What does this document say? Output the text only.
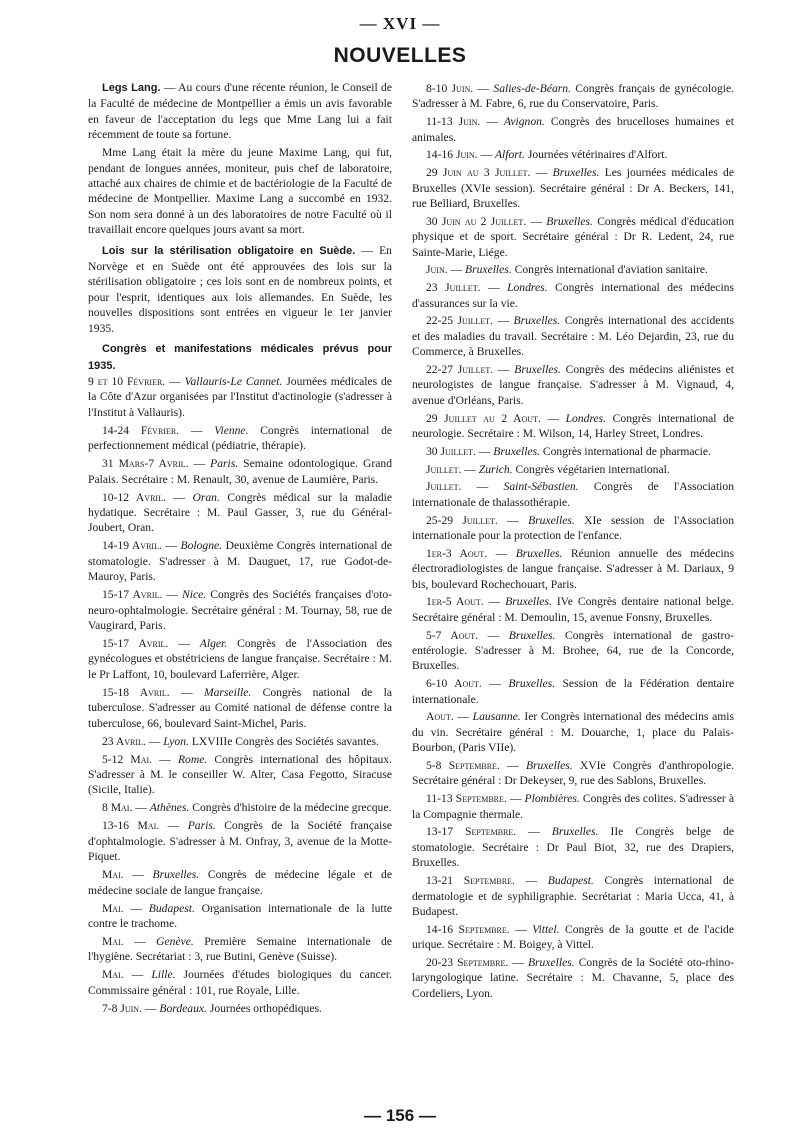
— XVI —
NOUVELLES

Legs Lang. — Au cours d'une récente réunion, le Conseil de la Faculté de médecine de Montpellier a émis un avis favorable en faveur de l'acceptation du legs que Mme Lang lui a fait récemment de toute sa fortune.

Mme Lang était la mère du jeune Maxime Lang, qui fut, pendant de longues années, moniteur, puis chef de laboratoire, attaché aux chaires de chimie et de bactériologie de la Faculté de médecine de Montpellier. Maxime Lang a succombé en 1932. Son nom sera donné à un des laboratoires de notre Faculté où il travaillait encore quelques jours avant sa mort.

Lois sur la stérilisation obligatoire en Suède. — En Norvège et en Suède ont été approuvées des lois sur la stérilisation obligatoire ; ces lois sont en de nombreux points, et pour l'esprit, identiques aux lois allemandes. En Suède, les nouvelles dispositions sont entrées en vigueur le 1er janvier 1935.

Congrès et manifestations médicales prévus pour 1935.

9 et 10 Février. — Vallauris-Le Cannet. Journées médicales de la Côte d'Azur organisées par l'Institut d'actinologie (s'adresser à l'Institut à Vallauris).

14-24 Février. — Vienne. Congrès international de perfectionnement médical (pédiatrie, thérapie).

31 Mars-7 Avril. — Paris. Semaine odontologique. Grand Palais. Secrétaire : M. Renault, 30, avenue de Laumière, Paris.

10-12 Avril. — Oran. Congrès médical sur la maladie hydatique. Secrétaire : M. Paul Gasser, 3, rue du Général-Joubert, Oran.

14-19 Avril. — Bologne. Deuxième Congrès international de stomatologie. S'adresser à M. Dauguet, 17, rue Godot-de-Mauroy, Paris.

15-17 Avril. — Nice. Congrès des Sociétés françaises d'oto-neuro-ophtalmologie. Secrétaire général : M. Tournay, 58, rue de Vaugirard, Paris.

15-17 Avril. — Alger. Congrès de l'Association des gynécologues et obstétriciens de langue française. Secrétaire : M. le Pr Laffont, 10, boulevard Laferrière, Alger.

15-18 Avril. — Marseille. Congrès national de la tuberculose. S'adresser au Comité national de défense contre la tuberculose, 66, boulevard Saint-Michel, Paris.

23 Avril. — Lyon. LXVIIIe Congrès des Sociétés savantes.

5-12 Mai. — Rome. Congrès international des hôpitaux. S'adresser à M. le conseiller W. Alter, Casa Fegotto, Siracuse (Sicile, Italie).

8 Mai. — Athènes. Congrès d'histoire de la médecine grecque.

13-16 Mai. — Paris. Congrès de la Société française d'ophtalmologie. S'adresser à M. Onfray, 3, avenue de la Motte-Piquet.

Mai. — Bruxelles. Congrès de médecine légale et de médecine sociale de langue française.

Mai. — Budapest. Organisation internationale de la lutte contre le trachome.

Mai. — Genève. Première Semaine internationale de l'hygiène. Secrétariat : 3, rue Butini, Genève (Suisse).

Mai. — Lille. Journées d'études biologiques du cancer. Commissaire général : 101, rue Royale, Lille.

7-8 Juin. — Bordeaux. Journées orthopédiques.

8-10 Juin. — Salies-de-Béarn. Congrès français de gynécologie. S'adresser à M. Fabre, 6, rue du Conservatoire, Paris.

11-13 Juin. — Avignon. Congrès des brucelloses humaines et animales.

14-16 Juin. — Alfort. Journées vétérinaires d'Alfort.

29 Juin au 3 Juillet. — Bruxelles. Les journées médicales de Bruxelles (XVIe session). Secrétaire général : Dr A. Beckers, 141, rue Belliard, Bruxelles.

30 Juin au 2 Juillet. — Bruxelles. Congrès médical d'éducation physique et de sport. Secrétaire général : Dr R. Ledent, 24, rue Sainte-Marie, Liége.

Juin. — Bruxelles. Congrès international d'aviation sanitaire.

23 Juillet. — Londres. Congrès international des médecins d'assurances sur la vie.

22-25 Juillet. — Bruxelles. Congrès international des accidents et des maladies du travail. Secrétaire : M. Léo Dejardin, 23, rue du Commerce, à Bruxelles.

22-27 Juillet. — Bruxelles. Congrès des médecins aliénistes et neurologistes de langue française. S'adresser à M. Vignaud, 4, avenue d'Orléans, Paris.

29 Juillet au 2 Aout. — Londres. Congrès international de neurologie. Secrétaire : M. Wilson, 14, Harley Street, Londres.

30 Juillet. — Bruxelles. Congrès international de pharmacie.

Juillet. — Zurich. Congrès végétarien international.

Juillet. — Saint-Sébastien. Congrès de l'Association internationale de thalassothérapie.

25-29 Juillet. — Bruxelles. XIe session de l'Association internationale pour la protection de l'enfance.

1er-3 Aout. — Bruxelles. Réunion annuelle des médecins électroradiologistes de langue française. S'adresser à M. Dariaux, 9 bis, boulevard Rochechouart, Paris.

1er-5 Aout. — Bruxelles. IVe Congrès dentaire national belge. Secrétaire général : M. Demoulin, 15, avenue Fonsny, Bruxelles.

5-7 Aout. — Bruxelles. Congrès international de gastro-entérologie. S'adresser à M. Brohee, 64, rue de la Concorde, Bruxelles.

6-10 Aout. — Bruxelles. Session de la Fédération dentaire internationale.

Aout. — Lausanne. Ier Congrès international des médecins amis du vin. Secrétaire général : M. Douarche, 1, place du Palais-Bourbon, (Paris VIIe).

5-8 Septembre. — Bruxelles. XVIe Congrès d'anthropologie. Secrétaire général : Dr Dekeyser, 9, rue des Sablons, Bruxelles.

11-13 Septembre. — Plombières. Congrès des colites. S'adresser à la Compagnie thermale.

13-17 Septembre. — Bruxelles. IIe Congrès belge de stomatologie. Secrétaire : Dr Paul Biot, 32, rue des Drapiers, Bruxelles.

13-21 Septembre. — Budapest. Congrès international de dermatologie et de syphiligraphie. Secrétariat : Maria Ucca, 41, à Budapest.

14-16 Septembre. — Vittel. Congrès de la goutte et de l'acide urique. Secrétaire : M. Boigey, à Vittel.

20-23 Septembre. — Bruxelles. Congrès de la Société oto-rhino-laryngologique latine. Secrétaire : M. Chavanne, 5, place des Cordeliers, Lyon.

— 156 —
